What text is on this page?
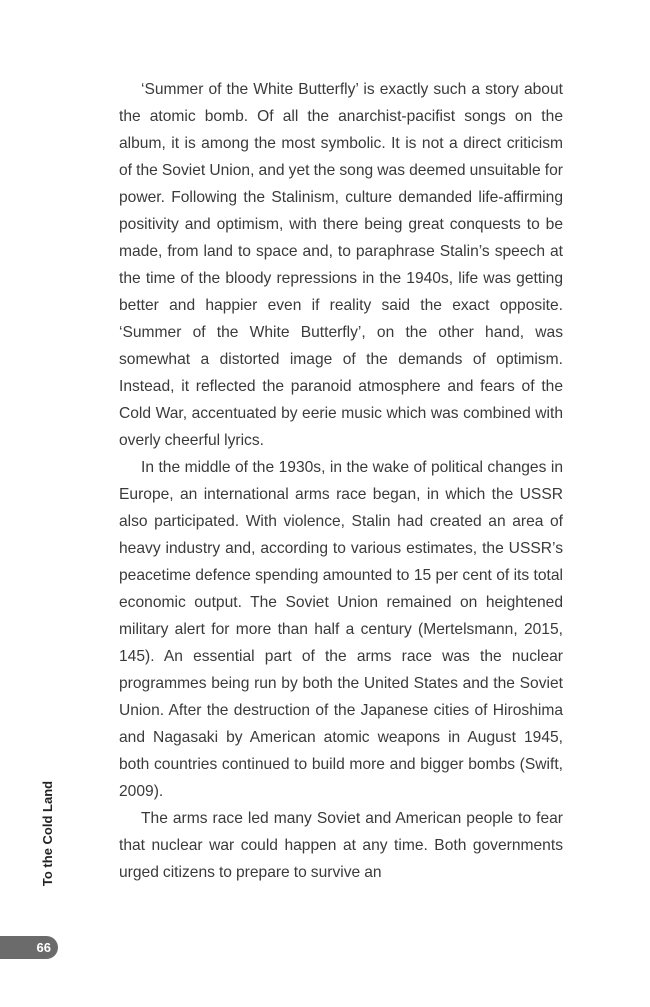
‘Summer of the White Butterfly’ is exactly such a story about the atomic bomb. Of all the anarchist-pacifist songs on the album, it is among the most symbolic. It is not a direct criticism of the Soviet Union, and yet the song was deemed unsuitable for power. Following the Stalinism, culture demanded life-affirming positivity and optimism, with there being great conquests to be made, from land to space and, to paraphrase Stalin’s speech at the time of the bloody repressions in the 1940s, life was getting better and happier even if reality said the exact opposite. ‘Summer of the White Butterfly’, on the other hand, was somewhat a distorted image of the demands of optimism. Instead, it reflected the paranoid atmosphere and fears of the Cold War, accentuated by eerie music which was combined with overly cheerful lyrics.

In the middle of the 1930s, in the wake of political changes in Europe, an international arms race began, in which the USSR also participated. With violence, Stalin had created an area of heavy industry and, according to various estimates, the USSR’s peacetime defence spending amounted to 15 per cent of its total economic output. The Soviet Union remained on heightened military alert for more than half a century (Mertelsmann, 2015, 145). An essential part of the arms race was the nuclear programmes being run by both the United States and the Soviet Union. After the destruction of the Japanese cities of Hiroshima and Nagasaki by American atomic weapons in August 1945, both countries continued to build more and bigger bombs (Swift, 2009).

The arms race led many Soviet and American people to fear that nuclear war could happen at any time. Both governments urged citizens to prepare to survive an

To the Cold Land
66
